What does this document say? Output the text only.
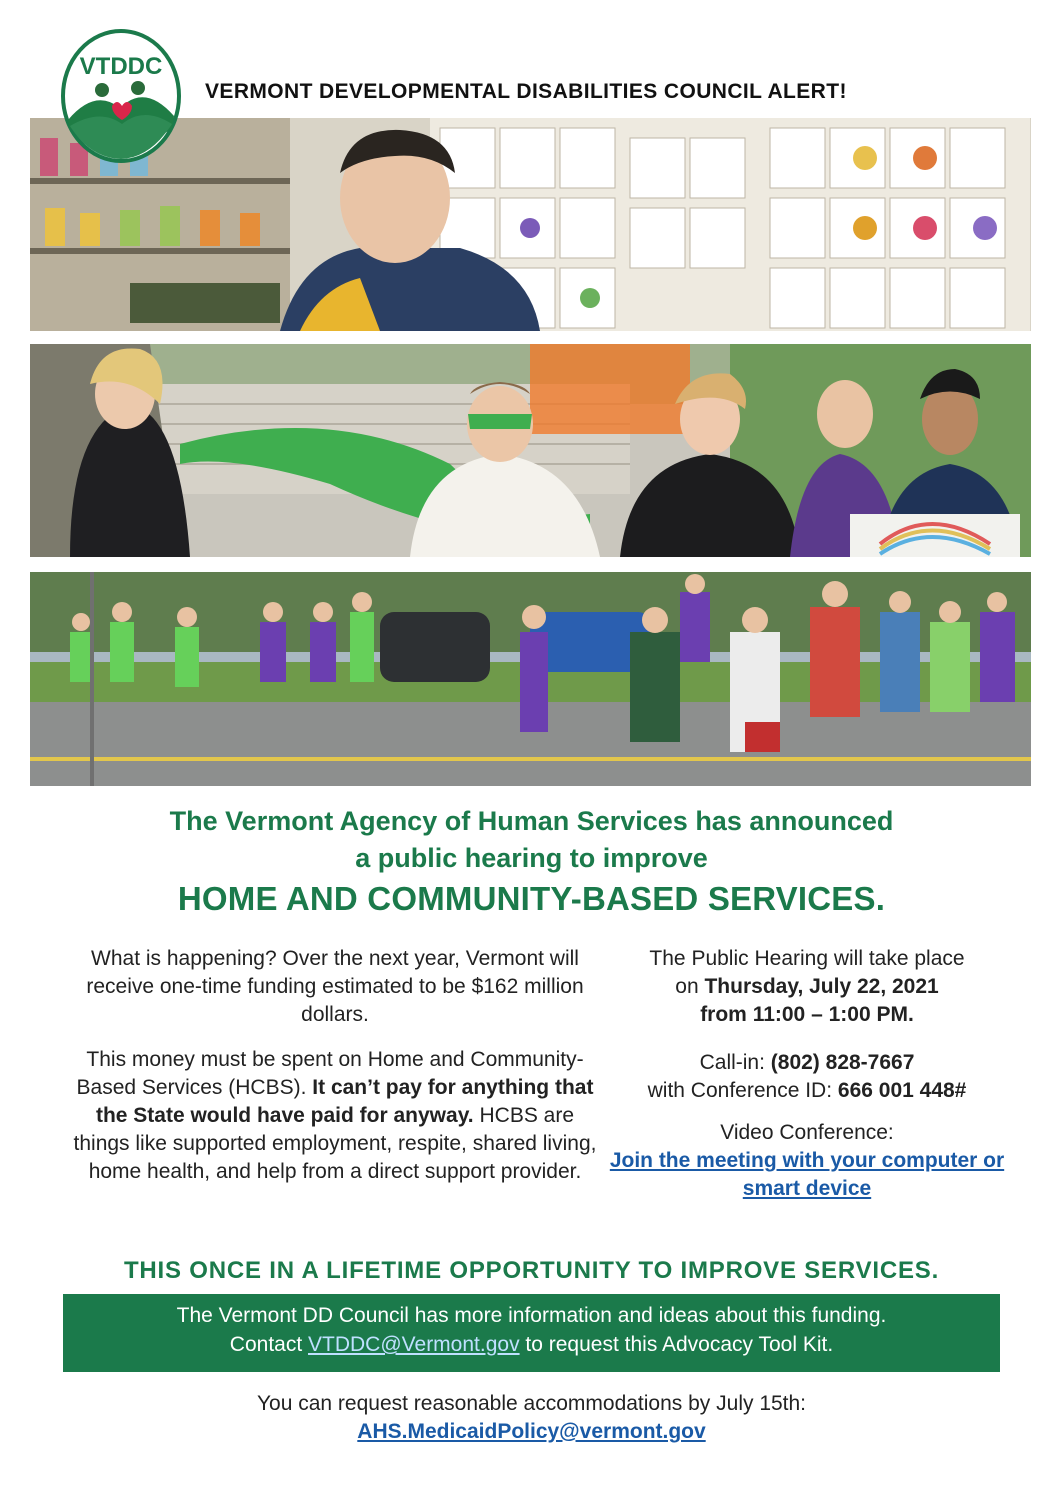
VTDDC
VERMONT DEVELOPMENTAL DISABILITIES COUNCIL ALERT!
The Vermont Agency of Human Services has announced
a public hearing to improve
HOME AND COMMUNITY-BASED SERVICES.

What is happening? Over the next year, Vermont will receive one-time funding estimated to be $162 million dollars.

This money must be spent on Home and Community-Based Services (HCBS). It can’t pay for anything that the State would have paid for anyway. HCBS are things like supported employment, respite, shared living, home health, and help from a direct support provider.

The Public Hearing will take place
on Thursday, July 22, 2021
from 11:00 – 1:00 PM.

Call-in: (802) 828-7667
with Conference ID: 666 001 448#

Video Conference:
Join the meeting with your computer or smart device

THIS ONCE IN A LIFETIME OPPORTUNITY TO IMPROVE SERVICES.
The Vermont DD Council has more information and ideas about this funding.
Contact VTDDC@Vermont.gov to request this Advocacy Tool Kit.
You can request reasonable accommodations by July 15th:
AHS.MedicaidPolicy@vermont.gov
